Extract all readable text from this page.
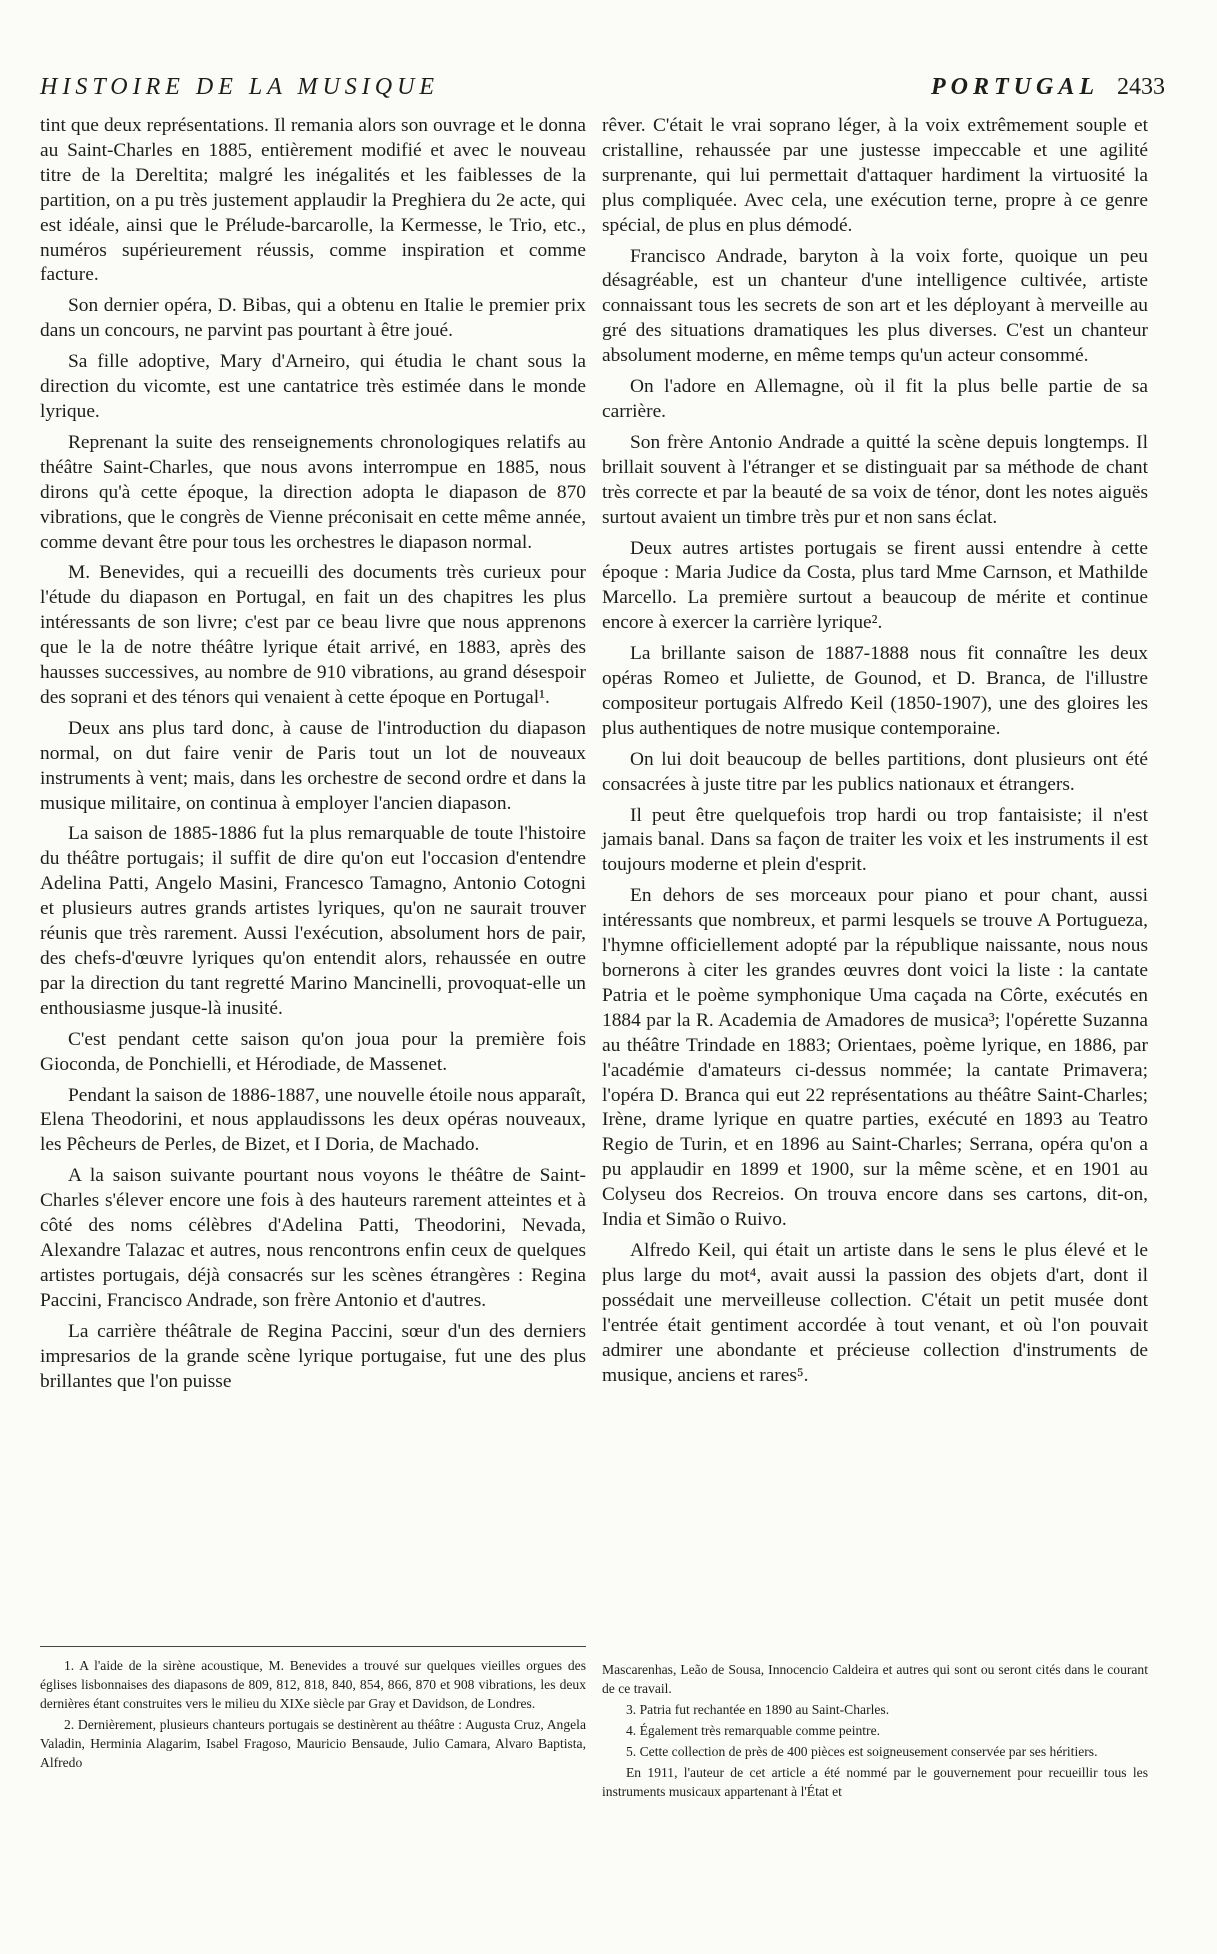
HISTOIRE DE LA MUSIQUE	PORTUGAL 2433

tint que deux représentations. Il remania alors son ouvrage et le donna au Saint-Charles en 1885, entièrement modifié et avec le nouveau titre de la Dereltita; malgré les inégalités et les faiblesses de la partition, on a pu très justement applaudir la Preghiera du 2e acte, qui est idéale, ainsi que le Prélude-barcarolle, la Kermesse, le Trio, etc., numéros supérieurement réussis, comme inspiration et comme facture.

Son dernier opéra, D. Bibas, qui a obtenu en Italie le premier prix dans un concours, ne parvint pas pourtant à être joué.

Sa fille adoptive, Mary d'Arneiro, qui étudia le chant sous la direction du vicomte, est une cantatrice très estimée dans le monde lyrique.

Reprenant la suite des renseignements chronologiques relatifs au théâtre Saint-Charles, que nous avons interrompue en 1885, nous dirons qu'à cette époque, la direction adopta le diapason de 870 vibrations, que le congrès de Vienne préconisait en cette même année, comme devant être pour tous les orchestres le diapason normal.

M. Benevides, qui a recueilli des documents très curieux pour l'étude du diapason en Portugal, en fait un des chapitres les plus intéressants de son livre; c'est par ce beau livre que nous apprenons que le la de notre théâtre lyrique était arrivé, en 1883, après des hausses successives, au nombre de 910 vibrations, au grand désespoir des soprani et des ténors qui venaient à cette époque en Portugal¹.

Deux ans plus tard donc, à cause de l'introduction du diapason normal, on dut faire venir de Paris tout un lot de nouveaux instruments à vent; mais, dans les orchestre de second ordre et dans la musique militaire, on continua à employer l'ancien diapason.

La saison de 1885-1886 fut la plus remarquable de toute l'histoire du théâtre portugais; il suffit de dire qu'on eut l'occasion d'entendre Adelina Patti, Angelo Masini, Francesco Tamagno, Antonio Cotogni et plusieurs autres grands artistes lyriques, qu'on ne saurait trouver réunis que très rarement. Aussi l'exécution, absolument hors de pair, des chefs-d'œuvre lyriques qu'on entendit alors, rehaussée en outre par la direction du tant regretté Marino Mancinelli, provoquat-elle un enthousiasme jusque-là inusité.

C'est pendant cette saison qu'on joua pour la première fois Gioconda, de Ponchielli, et Hérodiade, de Massenet.

Pendant la saison de 1886-1887, une nouvelle étoile nous apparaît, Elena Theodorini, et nous applaudissons les deux opéras nouveaux, les Pêcheurs de Perles, de Bizet, et I Doria, de Machado.

A la saison suivante pourtant nous voyons le théâtre de Saint-Charles s'élever encore une fois à des hauteurs rarement atteintes et à côté des noms célèbres d'Adelina Patti, Theodorini, Nevada, Alexandre Talazac et autres, nous rencontrons enfin ceux de quelques artistes portugais, déjà consacrés sur les scènes étrangères : Regina Paccini, Francisco Andrade, son frère Antonio et d'autres.

La carrière théâtrale de Regina Paccini, sœur d'un des derniers impresarios de la grande scène lyrique portugaise, fut une des plus brillantes que l'on puisse

rêver. C'était le vrai soprano léger, à la voix extrêmement souple et cristalline, rehaussée par une justesse impeccable et une agilité surprenante, qui lui permettait d'attaquer hardiment la virtuosité la plus compliquée. Avec cela, une exécution terne, propre à ce genre spécial, de plus en plus démodé.

Francisco Andrade, baryton à la voix forte, quoique un peu désagréable, est un chanteur d'une intelligence cultivée, artiste connaissant tous les secrets de son art et les déployant à merveille au gré des situations dramatiques les plus diverses. C'est un chanteur absolument moderne, en même temps qu'un acteur consommé.

On l'adore en Allemagne, où il fit la plus belle partie de sa carrière.

Son frère Antonio Andrade a quitté la scène depuis longtemps. Il brillait souvent à l'étranger et se distinguait par sa méthode de chant très correcte et par la beauté de sa voix de ténor, dont les notes aiguës surtout avaient un timbre très pur et non sans éclat.

Deux autres artistes portugais se firent aussi entendre à cette époque : Maria Judice da Costa, plus tard Mme Carnson, et Mathilde Marcello. La première surtout a beaucoup de mérite et continue encore à exercer la carrière lyrique².

La brillante saison de 1887-1888 nous fit connaître les deux opéras Romeo et Juliette, de Gounod, et D. Branca, de l'illustre compositeur portugais Alfredo Keil (1850-1907), une des gloires les plus authentiques de notre musique contemporaine.

On lui doit beaucoup de belles partitions, dont plusieurs ont été consacrées à juste titre par les publics nationaux et étrangers.

Il peut être quelquefois trop hardi ou trop fantaisiste; il n'est jamais banal. Dans sa façon de traiter les voix et les instruments il est toujours moderne et plein d'esprit.

En dehors de ses morceaux pour piano et pour chant, aussi intéressants que nombreux, et parmi lesquels se trouve A Portugueza, l'hymne officiellement adopté par la république naissante, nous nous bornerons à citer les grandes œuvres dont voici la liste : la cantate Patria et le poème symphonique Uma caçada na Côrte, exécutés en 1884 par la R. Academia de Amadores de musica³; l'opérette Suzanna au théâtre Trindade en 1883; Orientaes, poème lyrique, en 1886, par l'académie d'amateurs ci-dessus nommée; la cantate Primavera; l'opéra D. Branca qui eut 22 représentations au théâtre Saint-Charles; Irène, drame lyrique en quatre parties, exécuté en 1893 au Teatro Regio de Turin, et en 1896 au Saint-Charles; Serrana, opéra qu'on a pu applaudir en 1899 et 1900, sur la même scène, et en 1901 au Colyseu dos Recreios. On trouva encore dans ses cartons, dit-on, India et Simão o Ruivo.

Alfredo Keil, qui était un artiste dans le sens le plus élevé et le plus large du mot⁴, avait aussi la passion des objets d'art, dont il possédait une merveilleuse collection. C'était un petit musée dont l'entrée était gentiment accordée à tout venant, et où l'on pouvait admirer une abondante et précieuse collection d'instruments de musique, anciens et rares⁵.

1. A l'aide de la sirène acoustique, M. Benevides a trouvé sur quelques vieilles orgues des églises lisbonnaises des diapasons de 809, 812, 818, 840, 854, 866, 870 et 908 vibrations, les deux dernières étant construites vers le milieu du XIXe siècle par Gray et Davidson, de Londres.

2. Dernièrement, plusieurs chanteurs portugais se destinèrent au théâtre : Augusta Cruz, Angela Valadin, Herminia Alagarim, Isabel Fragoso, Mauricio Bensaude, Julio Camara, Alvaro Baptista, Alfredo

Mascarenhas, Leão de Sousa, Innocencio Caldeira et autres qui sont ou seront cités dans le courant de ce travail.

3. Patria fut rechantée en 1890 au Saint-Charles.

4. Également très remarquable comme peintre.

5. Cette collection de près de 400 pièces est soigneusement conservée par ses héritiers.

En 1911, l'auteur de cet article a été nommé par le gouvernement pour recueillir tous les instruments musicaux appartenant à l'État et
